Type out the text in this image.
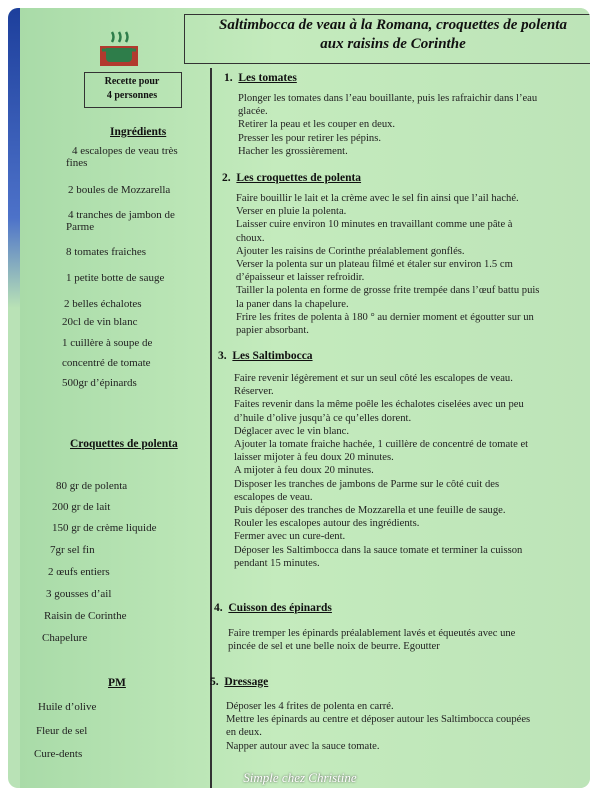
Saltimbocca de veau à la Romana, croquettes de polenta
aux raisins de Corinthe
Recette pour
4 personnes
Ingrédients
4 escalopes de veau très
fines
2 boules de Mozzarella
4 tranches de jambon de
Parme
8 tomates fraiches
1 petite botte de sauge
2 belles échalotes
20cl de vin blanc
1 cuillère à soupe de
concentré de tomate
500gr d’épinards
Croquettes de polenta
80 gr de polenta
200 gr de lait
150 gr de crème liquide
7gr sel fin
2 œufs entiers
3 gousses d’ail
Raisin de Corinthe
Chapelure
PM
Huile d’olive
Fleur de sel
Cure-dents
1. Les tomates
Plonger les tomates dans l’eau bouillante, puis les rafraichir dans l’eau
glacée.
Retirer la peau et les couper en deux.
Presser les pour retirer les pépins.
Hacher les grossièrement.
2. Les croquettes de polenta
Faire bouillir le lait et la crème avec le sel fin ainsi que l’ail haché.
Verser en pluie la polenta.
Laisser cuire environ 10 minutes en travaillant comme une pâte à
choux.
Ajouter les raisins de Corinthe préalablement gonflés.
Verser la polenta sur un plateau filmé et étaler sur environ 1.5 cm
d’épaisseur et laisser refroidir.
Tailler la polenta en forme de grosse frite trempée dans l’œuf battu puis
la paner dans la chapelure.
Frire les frites de polenta à 180 ° au dernier moment et égoutter sur un
papier absorbant.
3. Les Saltimbocca
Faire revenir légèrement et sur un seul côté les escalopes de veau.
Réserver.
Faites revenir dans la même poêle les échalotes ciselées avec un peu
d’huile d’olive jusqu’à ce qu’elles dorent.
Déglacer avec le vin blanc.
Ajouter la tomate fraiche hachée, 1 cuillère de concentré de tomate et
laisser mijoter à feu doux 20 minutes.
A mijoter à feu doux 20 minutes.
Disposer les tranches de jambons de Parme sur le côté cuit des
escalopes de veau.
Puis déposer des tranches de Mozzarella et une feuille de sauge.
Rouler les escalopes autour des ingrédients.
Fermer avec un cure-dent.
Déposer les Saltimbocca dans la sauce tomate et terminer la cuisson
pendant 15 minutes.
4. Cuisson des épinards
Faire tremper les épinards préalablement lavés et équeutés avec une
pincée de sel et une belle noix de beurre. Egoutter
5. Dressage
Déposer les 4 frites de polenta en carré.
Mettre les épinards au centre et déposer autour les Saltimbocca coupées
en deux.
Napper autour avec la sauce tomate.
Simple chez Christine
